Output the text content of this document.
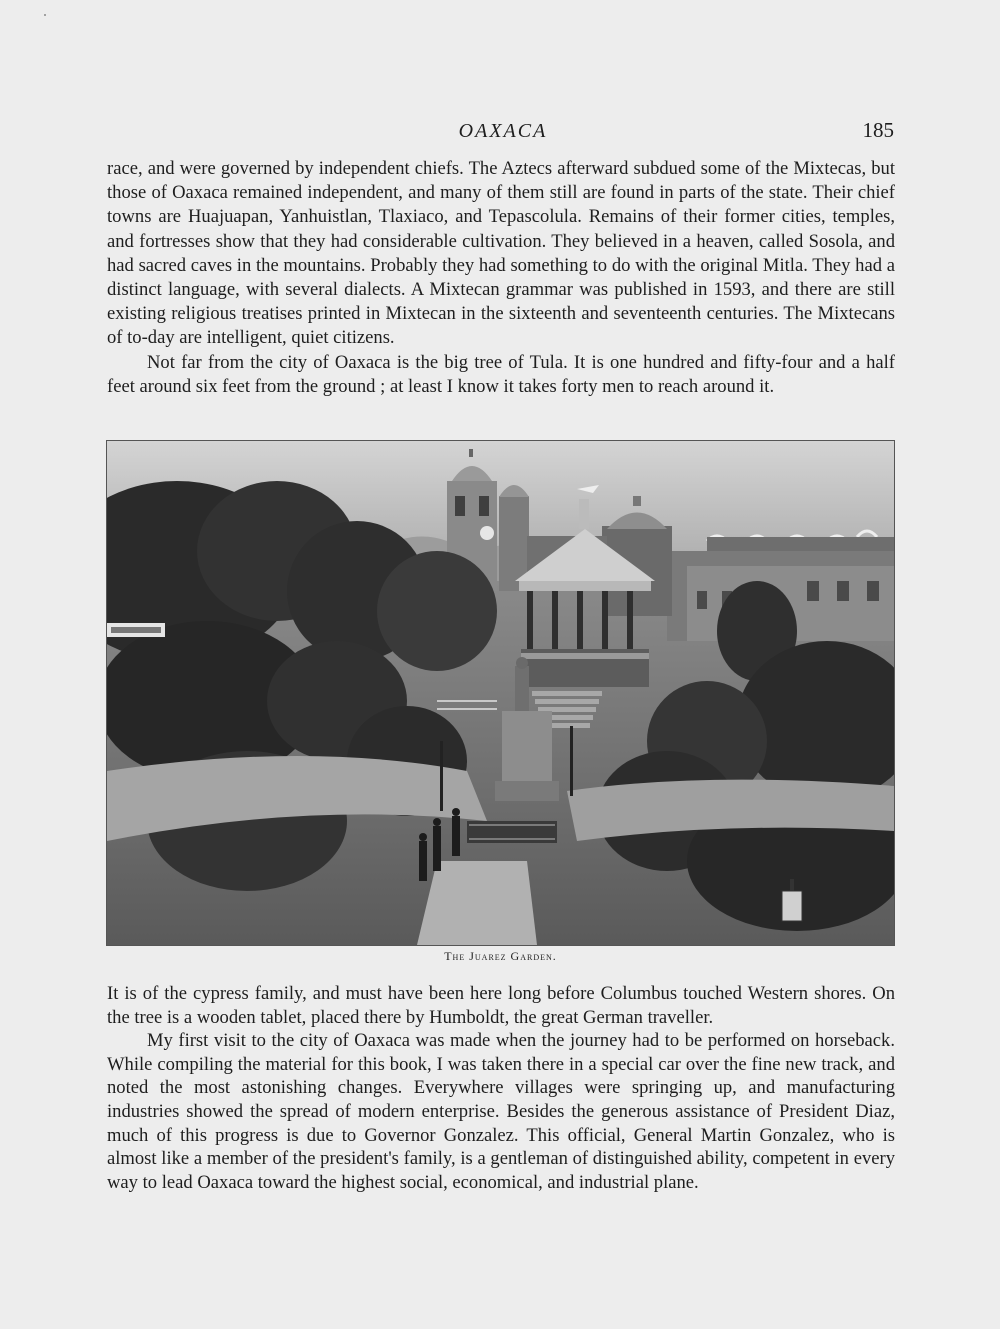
OAXACA	185

race, and were governed by independent chiefs. The Aztecs afterward subdued some of the Mixtecas, but those of Oaxaca remained independent, and many of them still are found in parts of the state. Their chief towns are Huajuapan, Yanhuistlan, Tlaxiaco, and Tepascolula. Remains of their former cities, temples, and fortresses show that they had considerable cultivation. They believed in a heaven, called Sosola, and had sacred caves in the mountains. Probably they had something to do with the original Mitla. They had a distinct language, with several dialects. A Mixtecan grammar was published in 1593, and there are still existing religious treatises printed in Mixtecan in the sixteenth and seventeenth centuries. The Mixtecans of to-day are intelligent, quiet citizens.

Not far from the city of Oaxaca is the big tree of Tula. It is one hundred and fifty-four and a half feet around six feet from the ground ; at least I know it takes forty men to reach around it.

The Juarez Garden.

It is of the cypress family, and must have been here long before Columbus touched Western shores. On the tree is a wooden tablet, placed there by Humboldt, the great German traveller.

My first visit to the city of Oaxaca was made when the journey had to be performed on horseback. While compiling the material for this book, I was taken there in a special car over the fine new track, and noted the most astonishing changes. Everywhere villages were springing up, and manufacturing industries showed the spread of modern enterprise. Besides the generous assistance of President Diaz, much of this progress is due to Governor Gonzalez. This official, General Martin Gonzalez, who is almost like a member of the president's family, is a gentleman of distinguished ability, competent in every way to lead Oaxaca toward the highest social, economical, and industrial plane.
